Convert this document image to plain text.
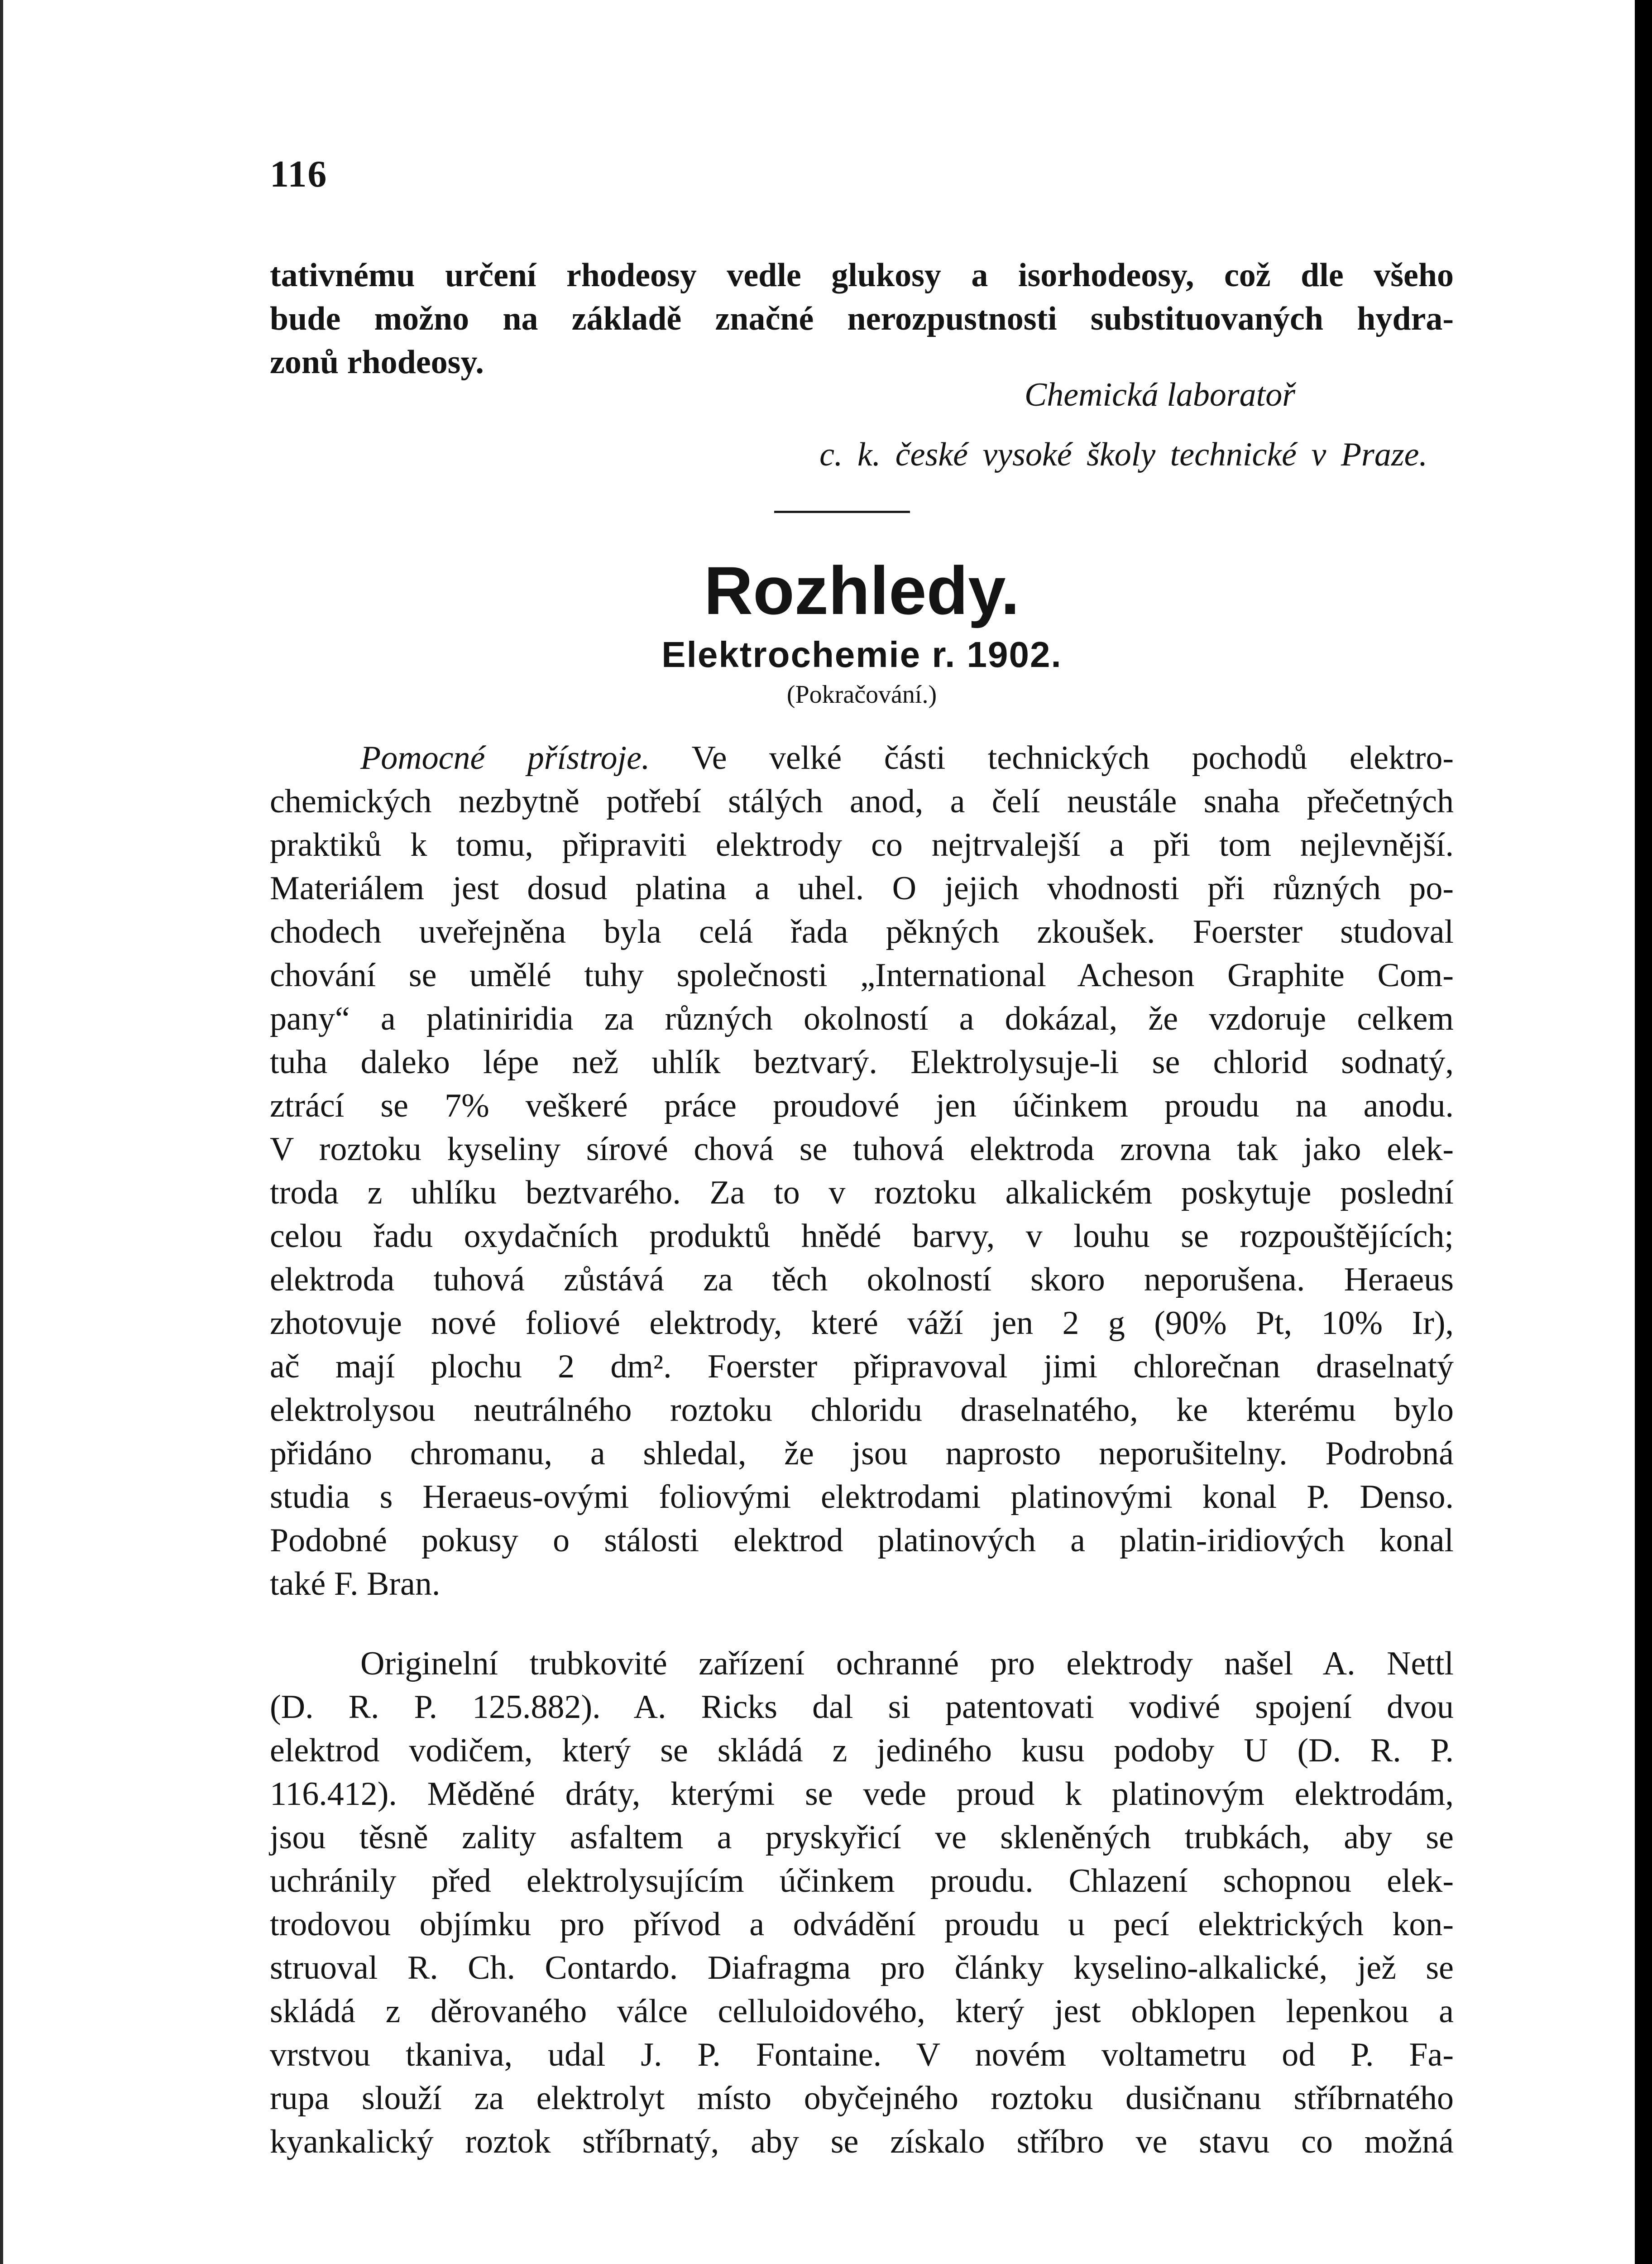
116

tativnému určení rhodeosy vedle glukosy a isorhodeosy, což dle všeho

bude možno na základě značné nerozpustnosti substituovaných hydra-

zonů rhodeosy.

Chemická laboratoř

c. k. české vysoké školy technické v Praze.

Rozhledy.
Elektrochemie r. 1902.

(Pokračování.)

Pomocné přístroje. Ve velké části technických pochodů elektro-

chemických nezbytně potřebí stálých anod, a čelí neustále snaha přečetných

praktiků k tomu, připraviti elektrody co nejtrvalejší a při tom nejlevnější.

Materiálem jest dosud platina a uhel. O jejich vhodnosti při různých po-

chodech uveřejněna byla celá řada pěkných zkoušek. Foerster studoval

chování se umělé tuhy společnosti „International Acheson Graphite Com-

pany“ a platiniridia za různých okolností a dokázal, že vzdoruje celkem

tuha daleko lépe než uhlík beztvarý. Elektrolysuje-li se chlorid sodnatý,

ztrácí se 7% veškeré práce proudové jen účinkem proudu na anodu.

V roztoku kyseliny sírové chová se tuhová elektroda zrovna tak jako elek-

troda z uhlíku beztvarého. Za to v roztoku alkalickém poskytuje poslední

celou řadu oxydačních produktů hnědé barvy, v louhu se rozpouštějících;

elektroda tuhová zůstává za těch okolností skoro neporušena. Heraeus

zhotovuje nové foliové elektrody, které váží jen 2 g (90% Pt, 10% Ir),

ač mají plochu 2 dm². Foerster připravoval jimi chlorečnan draselnatý

elektrolysou neutrálného roztoku chloridu draselnatého, ke kterému bylo

přidáno chromanu, a shledal, že jsou naprosto neporušitelny. Podrobná

studia s Heraeus-ovými foliovými elektrodami platinovými konal P. Denso.

Podobné pokusy o stálosti elektrod platinových a platin-iridiových konal

také F. Bran.

Originelní trubkovité zařízení ochranné pro elektrody našel A. Nettl

(D. R. P. 125.882). A. Ricks dal si patentovati vodivé spojení dvou

elektrod vodičem, který se skládá z jediného kusu podoby U (D. R. P.

116.412). Měděné dráty, kterými se vede proud k platinovým elektrodám,

jsou těsně zality asfaltem a pryskyřicí ve skleněných trubkách, aby se

uchránily před elektrolysujícím účinkem proudu. Chlazení schopnou elek-

trodovou objímku pro přívod a odvádění proudu u pecí elektrických kon-

struoval R. Ch. Contardo. Diafragma pro články kyselino-alkalické, jež se

skládá z děrovaného válce celluloidového, který jest obklopen lepenkou a

vrstvou tkaniva, udal J. P. Fontaine. V novém voltametru od P. Fa-

rupa slouží za elektrolyt místo obyčejného roztoku dusičnanu stříbrnatého

kyankalický roztok stříbrnatý, aby se získalo stříbro ve stavu co možná
